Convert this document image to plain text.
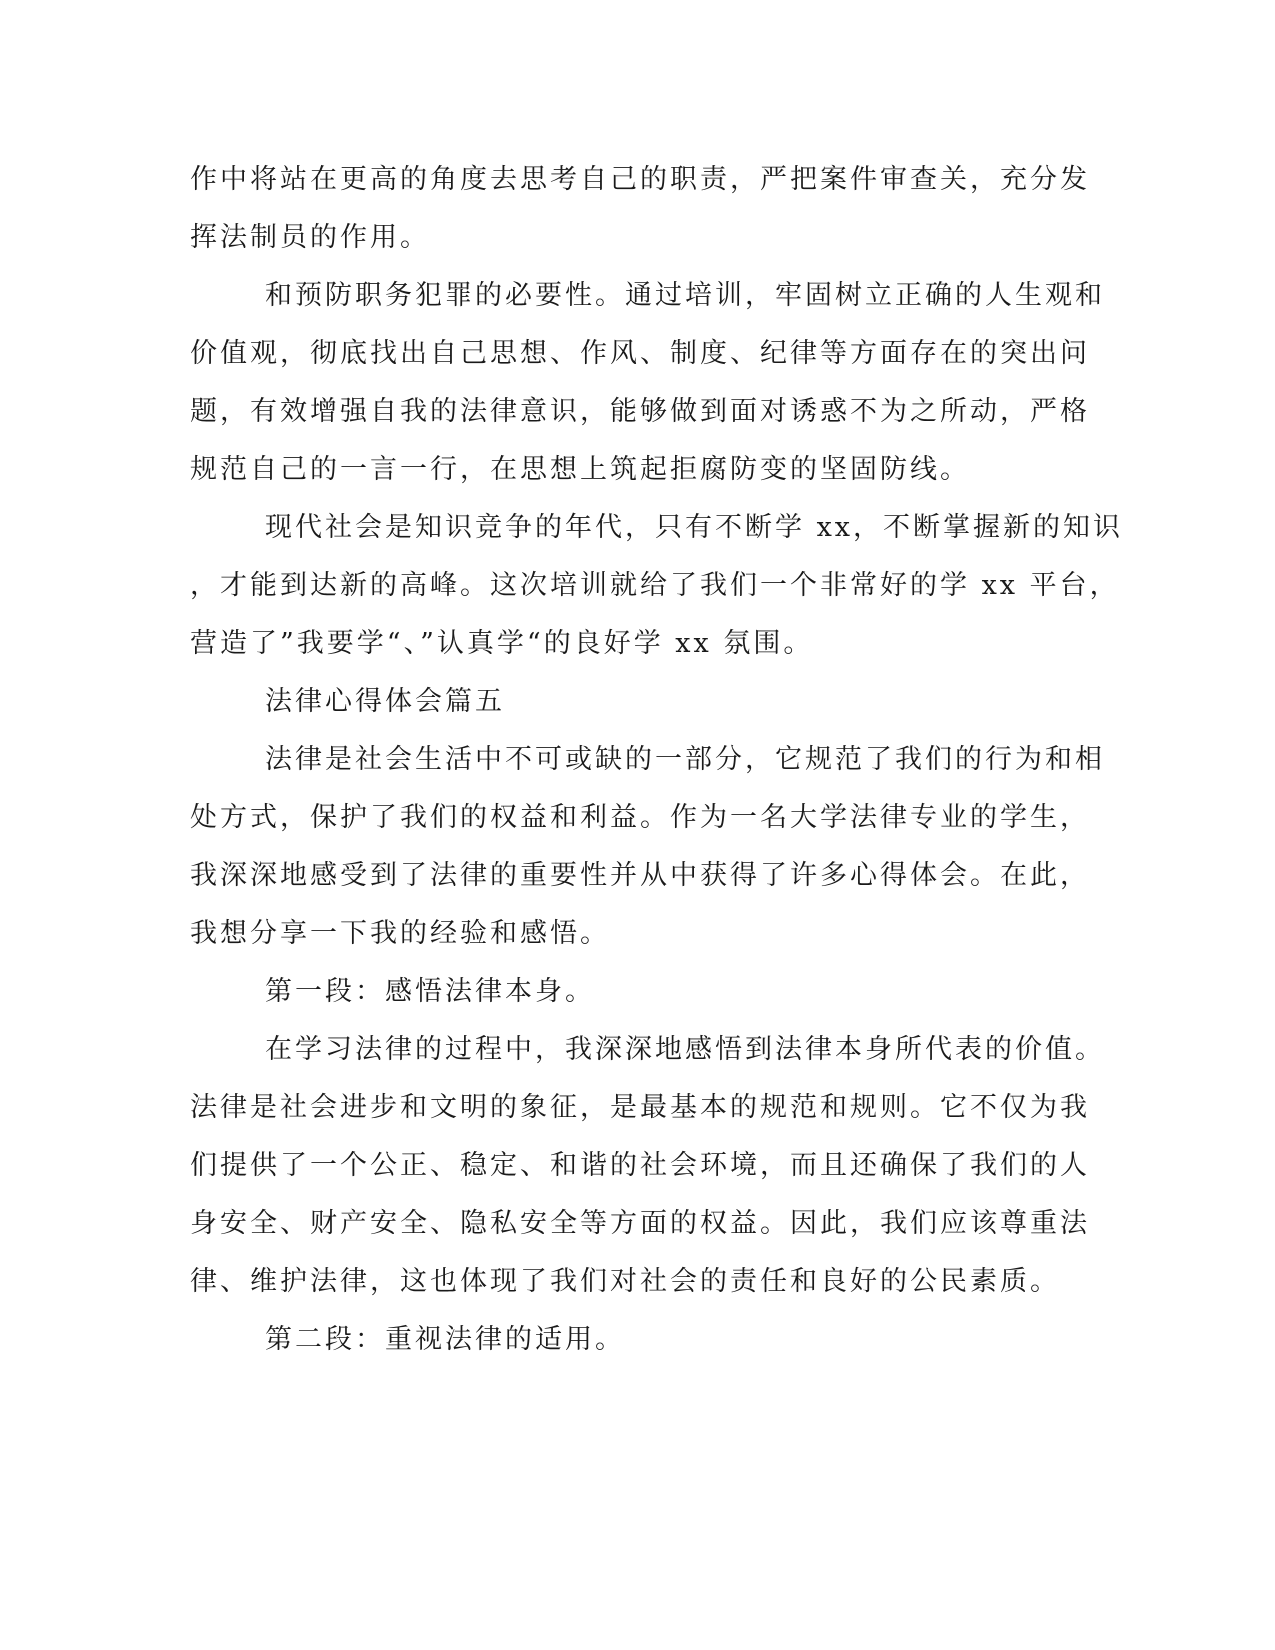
作中将站在更高的角度去思考自己的职责，严把案件审查关，充分发
挥法制员的作用。
和预防职务犯罪的必要性。通过培训，牢固树立正确的人生观和
价值观，彻底找出自己思想、作风、制度、纪律等方面存在的突出问
题，有效增强自我的法律意识，能够做到面对诱惑不为之所动，严格
规范自己的一言一行，在思想上筑起拒腐防变的坚固防线。
现代社会是知识竞争的年代，只有不断学 xx，不断掌握新的知识
，才能到达新的高峰。这次培训就给了我们一个非常好的学 xx 平台，
营造了”我要学“、”认真学“的良好学 xx 氛围。
法律心得体会篇五
法律是社会生活中不可或缺的一部分，它规范了我们的行为和相
处方式，保护了我们的权益和利益。作为一名大学法律专业的学生，
我深深地感受到了法律的重要性并从中获得了许多心得体会。在此，
我想分享一下我的经验和感悟。
第一段：感悟法律本身。
在学习法律的过程中，我深深地感悟到法律本身所代表的价值。
法律是社会进步和文明的象征，是最基本的规范和规则。它不仅为我
们提供了一个公正、稳定、和谐的社会环境，而且还确保了我们的人
身安全、财产安全、隐私安全等方面的权益。因此，我们应该尊重法
律、维护法律，这也体现了我们对社会的责任和良好的公民素质。
第二段：重视法律的适用。
